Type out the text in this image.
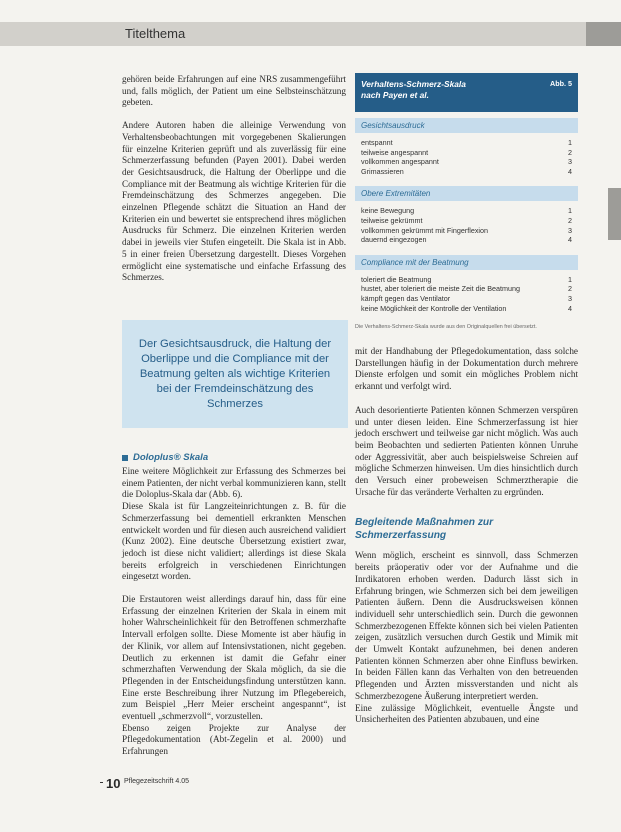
Titelthema

gehören beide Erfahrungen auf eine NRS zusammengeführt und, falls möglich, der Patient um eine Selbsteinschätzung gebeten.

Andere Autoren haben die alleinige Verwendung von Verhaltensbeobachtungen mit vorgegebenen Skalierungen für einzelne Kriterien geprüft und als zuverlässig für eine Schmerzerfassung befunden (Payen 2001). Dabei werden der Gesichtsausdruck, die Haltung der Oberlippe und die Compliance mit der Beatmung als wichtige Kriterien für die Fremdeinschätzung des Schmerzes angegeben. Die einzelnen Pflegende schätzt die Situation an Hand der Kriterien ein und bewertet sie entsprechend ihres möglichen Ausdrucks für Schmerz. Die einzelnen Kriterien werden dabei in jeweils vier Stufen eingeteilt. Die Skala ist in Abb. 5 in einer freien Übersetzung dargestellt. Dieses Vorgehen ermöglicht eine systematische und einfache Erfassung des Schmerzes.

Der Gesichtsausdruck, die Haltung der Oberlippe und die Compliance mit der Beatmung gelten als wichtige Kriterien bei der Fremdeinschätzung des Schmerzes

Doloplus® Skala

Eine weitere Möglichkeit zur Erfassung des Schmerzes bei einem Patienten, der nicht verbal kommunizieren kann, stellt die Doloplus-Skala dar (Abb. 6).

Diese Skala ist für Langzeiteinrichtungen z. B. für die Schmerzerfassung bei dementiell erkrankten Menschen entwickelt worden und für diesen auch ausreichend validiert (Kunz 2002). Eine deutsche Übersetzung existiert zwar, jedoch ist diese nicht validiert; allerdings ist diese Skala bereits erfolgreich in verschiedenen Einrichtungen eingesetzt worden.

Die Erstautoren weist allerdings darauf hin, dass für eine Erfassung der einzelnen Kriterien der Skala in einem mit hoher Wahrscheinlichkeit für den Betroffenen schmerzhafte Intervall erfolgen sollte. Diese Momente ist aber häufig in der Klinik, vor allem auf Intensivstationen, nicht gegeben. Deutlich zu erkennen ist damit die Gefahr einer schmerzhaften Verwendung der Skala möglich, da sie die Pflegenden in der Entscheidungsfindung unterstützen kann. Eine erste Beschreibung ihrer Nutzung im Pflegebereich, zum Beispiel „Herr Meier erscheint angespannt“, ist eventuell „schmerzvoll“, vorzustellen.

Ebenso zeigen Projekte zur Analyse der Pflegedokumentation (Abt-Zegelin et al. 2000) und Erfahrungen

Verhaltens-Schmerz-Skala
nach Payen et al.
Abb. 5
Gesichtsausdruck
entspannt	1
teilweise angespannt	2
vollkommen angespannt	3
Grimassieren	4
Obere Extremitäten
keine Bewegung	1
teilweise gekrümmt	2
vollkommen gekrümmt mit Fingerflexion	3
dauernd eingezogen	4
Compliance mit der Beatmung
toleriert die Beatmung	1
hustet, aber toleriert die meiste Zeit die Beatmung	2
kämpft gegen das Ventilator	3
keine Möglichkeit der Kontrolle der Ventilation	4
Die Verhaltens-Schmerz-Skala wurde aus den Originalquellen frei übersetzt.

mit der Handhabung der Pflegedokumentation, dass solche Darstellungen häufig in der Dokumentation durch mehrere Dienste erfolgen und somit ein mögliches Problem nicht erkannt und verfolgt wird.

Auch desorientierte Patienten können Schmerzen verspüren und unter diesen leiden. Eine Schmerzerfassung ist hier jedoch erschwert und teilweise gar nicht möglich. Was auch beim Beobachten und sedierten Patienten können Unruhe oder Aggressivität, aber auch beispielsweise Schreien auf mögliche Schmerzen hinweisen. Um dies hinsichtlich durch den Versuch einer probeweisen Schmerztherapie die Ursache für das veränderte Verhalten zu ergründen.

Begleitende Maßnahmen zur Schmerzerfassung

Wenn möglich, erscheint es sinnvoll, dass Schmerzen bereits präoperativ oder vor der Aufnahme und die Inrdikatoren erhoben werden. Dadurch lässt sich in Erfahrung bringen, wie Schmerzen sich bei dem jeweiligen Patienten äußern. Denn die Ausdrucksweisen können individuell sehr unterschiedlich sein. Durch die gewonnen Schmerzbezogenen Effekte können sich bei vielen Patienten zeigen, zusätzlich versuchen durch Gestik und Mimik mit der Umwelt Kontakt aufzunehmen, bei denen anderen Patienten können Schmerzen aber ohne Einfluss bewirken. In beiden Fällen kann das Verhalten von den betreuenden Pflegenden und Ärzten missverstanden und nicht als Schmerzbezogene Äußerung interpretiert werden.

Eine zulässige Möglichkeit, eventuelle Ängste und Unsicherheiten des Patienten abzubauen, und eine

10 Pflegezeitschrift 4.05
